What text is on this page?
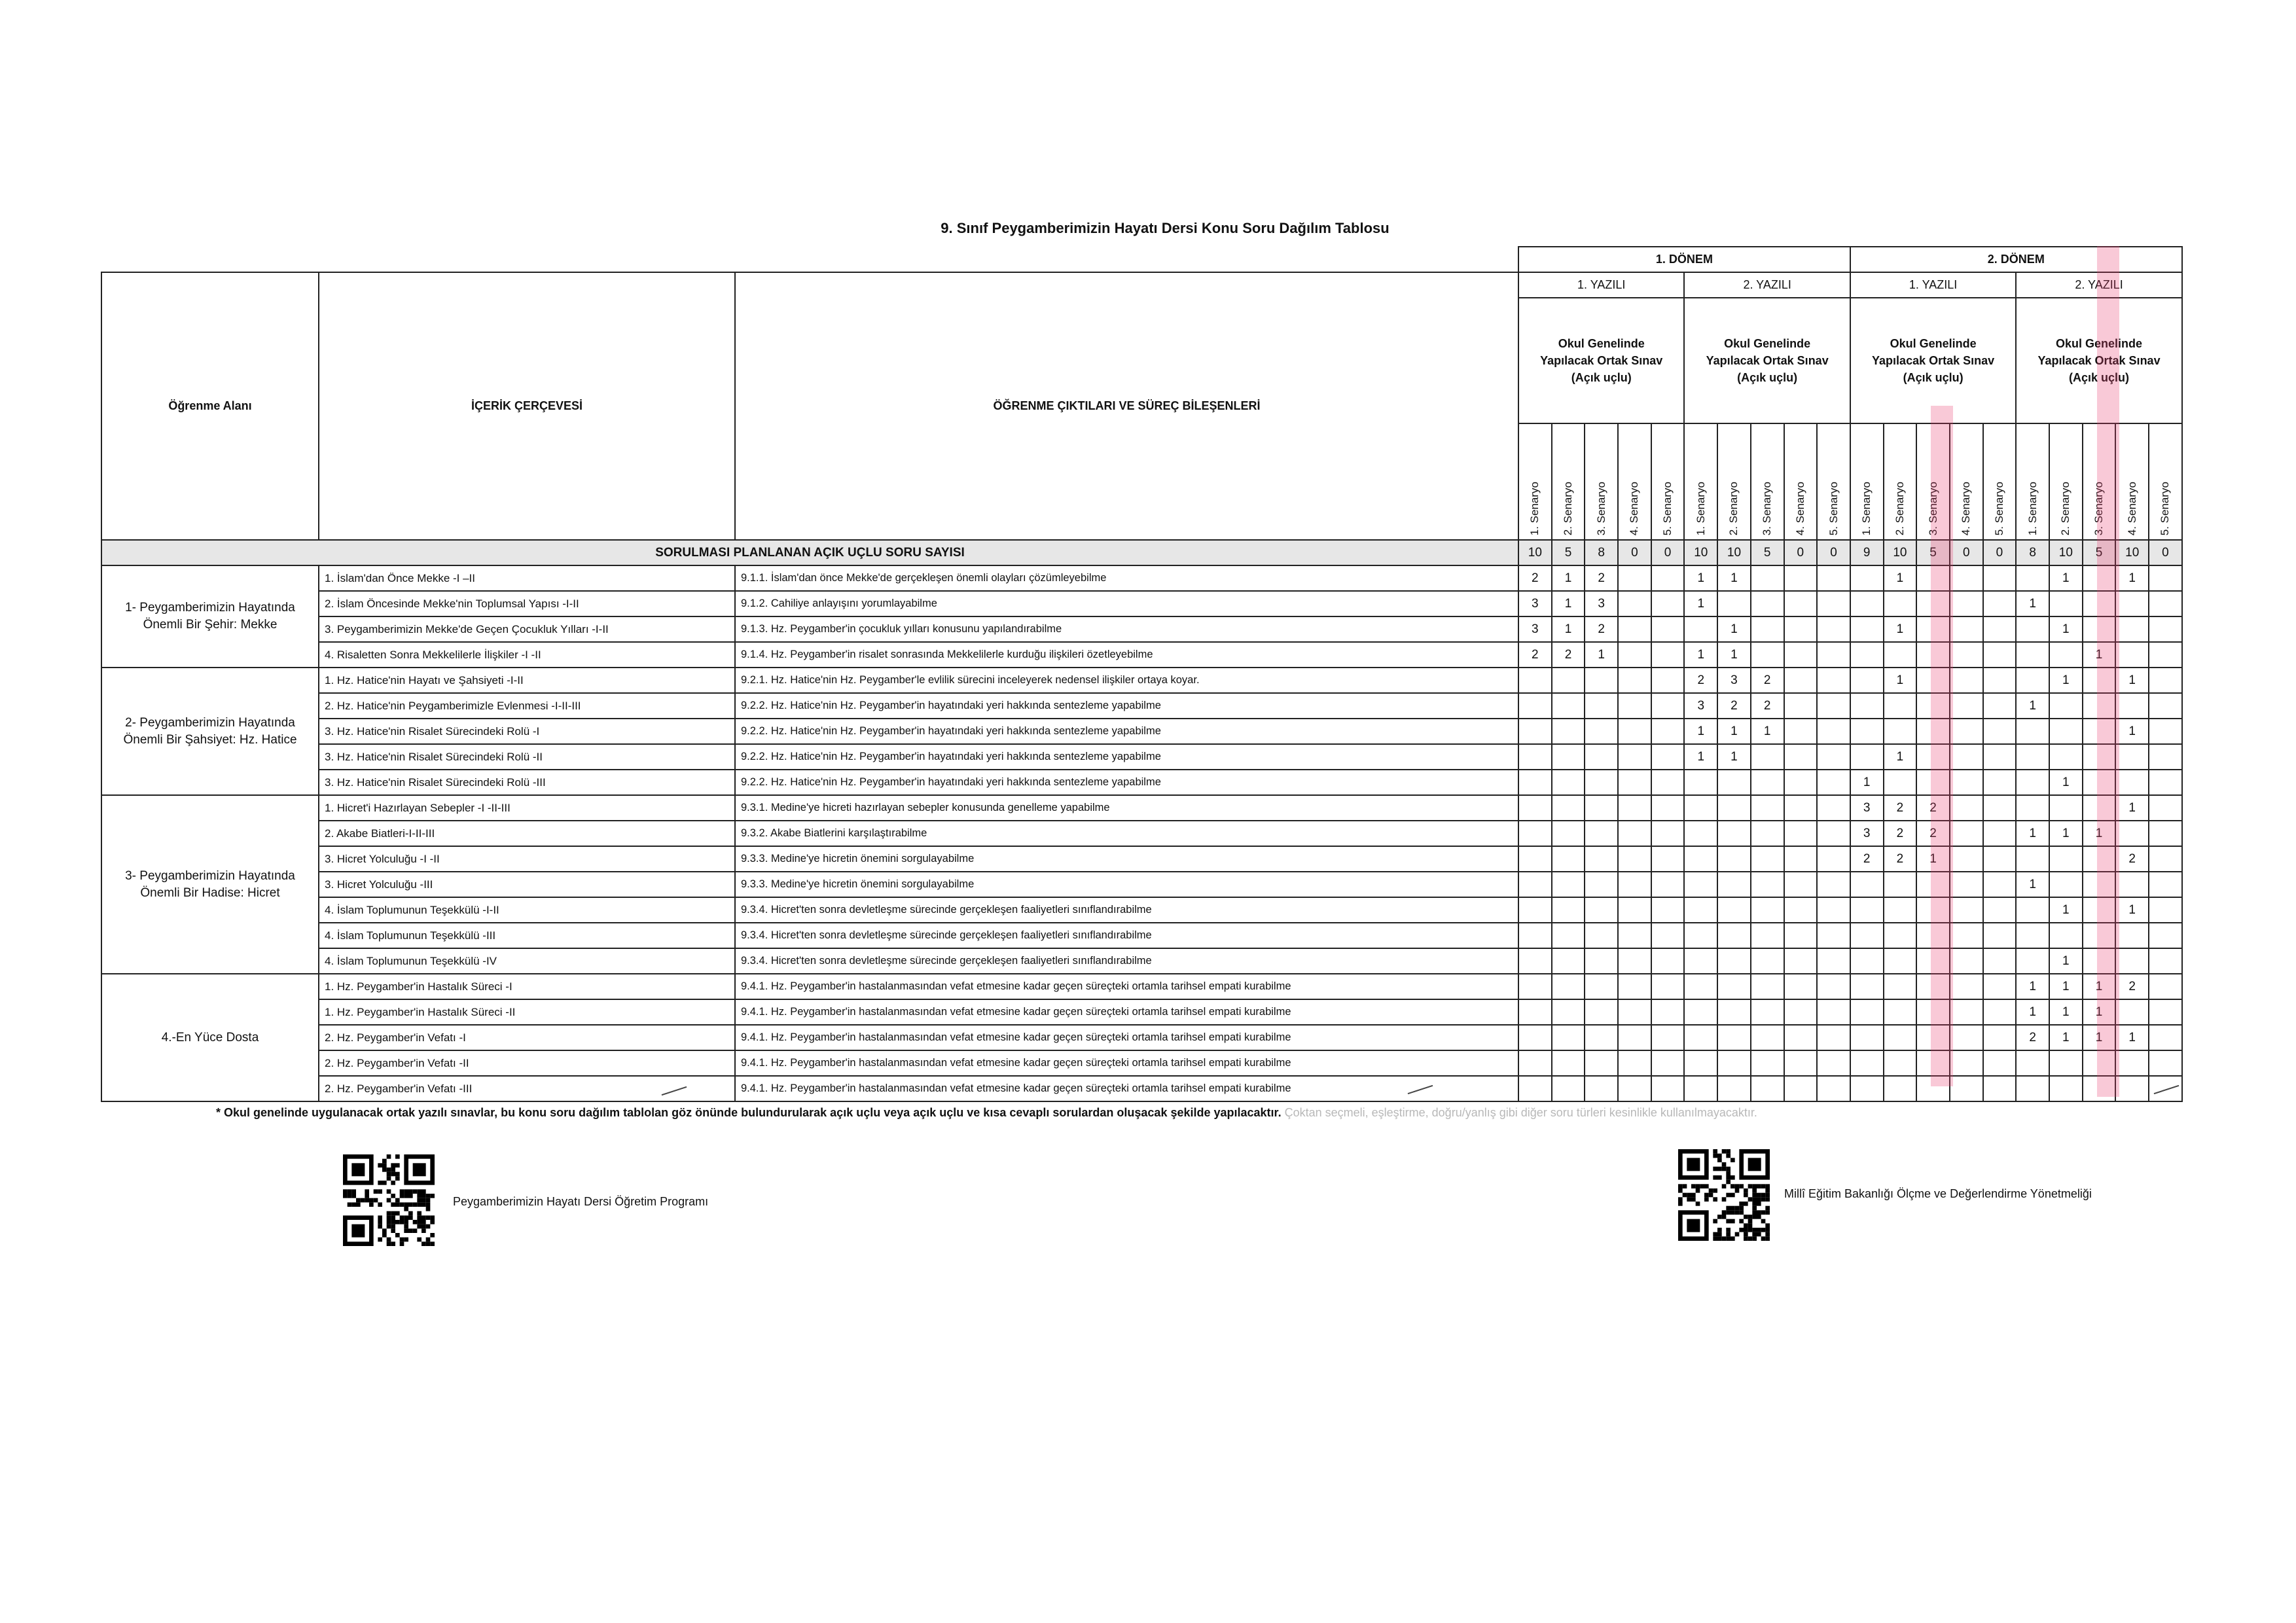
9. Sınıf Peygamberimizin Hayatı Dersi Konu Soru Dağılım Tablosu
			1. DÖNEM										2. DÖNEM									
Öğrenme Alanı	İÇERİK ÇERÇEVESİ	ÖĞRENME ÇIKTILARI VE SÜREÇ BİLEŞENLERİ	1. YAZILI					2. YAZILI					1. YAZILI					2. YAZILI				
			Okul Genelinde
Yapılacak Ortak Sınav
(Açık uçlu)					Okul Genelinde
Yapılacak Ortak Sınav
(Açık uçlu)					Okul Genelinde
Yapılacak Ortak Sınav
(Açık uçlu)					Okul Genelinde
Yapılacak Ortak Sınav
(Açık uçlu)				
			1. Senaryo	2. Senaryo	3. Senaryo	4. Senaryo	5. Senaryo	1. Senaryo	2. Senaryo	3. Senaryo	4. Senaryo	5. Senaryo	1. Senaryo	2. Senaryo	3. Senaryo	4. Senaryo	5. Senaryo	1. Senaryo	2. Senaryo	3. Senaryo	4. Senaryo	5. Senaryo

SORULMASI PLANLANAN AÇIK UÇLU SORU SAYISI			10	5	8	0	0	10	10	5	0	0	9	10	5	0	0	8	10	5	10	0
1- Peygamberimizin Hayatında Önemli Bir Şehir: Mekke	1. İslam'dan Önce Mekke -I –II	9.1.1. İslam'dan önce Mekke'de gerçekleşen önemli olayları çözümleyebilme	2	1	2			1	1					1					1		1	
	2. İslam Öncesinde Mekke'nin Toplumsal Yapısı -I-II	9.1.2. Cahiliye anlayışını yorumlayabilme	3	1	3			1										1				
	3. Peygamberimizin Mekke'de Geçen Çocukluk Yılları -I-II	9.1.3. Hz. Peygamber'in çocukluk yılları konusunu yapılandırabilme	3	1	2				1					1					1			
	4. Risaletten Sonra Mekkelilerle İlişkiler -I -II	9.1.4. Hz. Peygamber'in risalet sonrasında Mekkelilerle kurduğu ilişkileri özetleyebilme	2	2	1			1	1											1		
2- Peygamberimizin Hayatında Önemli Bir Şahsiyet: Hz. Hatice	1. Hz. Hatice'nin Hayatı ve Şahsiyeti -I-II	9.2.1. Hz. Hatice'nin Hz. Peygamber'le evlilik sürecini inceleyerek nedensel ilişkiler ortaya koyar.						2	3	2				1					1		1	
	2. Hz. Hatice'nin Peygamberimizle Evlenmesi -I-II-III	9.2.2. Hz. Hatice'nin Hz. Peygamber'in hayatındaki yeri hakkında sentezleme yapabilme						3	2	2								1				
	3. Hz. Hatice'nin Risalet Sürecindeki Rolü -I	9.2.2. Hz. Hatice'nin Hz. Peygamber'in hayatındaki yeri hakkında sentezleme yapabilme						1	1	1											1	
	3. Hz. Hatice'nin Risalet Sürecindeki Rolü -II	9.2.2. Hz. Hatice'nin Hz. Peygamber'in hayatındaki yeri hakkında sentezleme yapabilme						1	1					1								
	3. Hz. Hatice'nin Risalet Sürecindeki Rolü -III	9.2.2. Hz. Hatice'nin Hz. Peygamber'in hayatındaki yeri hakkında sentezleme yapabilme											1						1			
3- Peygamberimizin Hayatında Önemli Bir Hadise: Hicret	1. Hicret'i Hazırlayan Sebepler -I -II-III	9.3.1. Medine'ye hicreti hazırlayan sebepler konusunda genelleme yapabilme											3	2	2						1	
	2. Akabe Biatleri-I-II-III	9.3.2. Akabe Biatlerini karşılaştırabilme											3	2	2			1	1	1		
	3. Hicret Yolculuğu -I -II	9.3.3. Medine'ye hicretin önemini sorgulayabilme											2	2	1						2	
	3. Hicret Yolculuğu -III	9.3.3. Medine'ye hicretin önemini sorgulayabilme																1				
	4. İslam Toplumunun Teşekkülü -I-II	9.3.4. Hicret'ten sonra devletleşme sürecinde gerçekleşen faaliyetleri sınıflandırabilme																	1		1	
	4. İslam Toplumunun Teşekkülü -III	9.3.4. Hicret'ten sonra devletleşme sürecinde gerçekleşen faaliyetleri sınıflandırabilme																				
	4. İslam Toplumunun Teşekkülü -IV	9.3.4. Hicret'ten sonra devletleşme sürecinde gerçekleşen faaliyetleri sınıflandırabilme																	1			
4.-En Yüce Dosta	1. Hz. Peygamber'in Hastalık Süreci -I	9.4.1. Hz. Peygamber'in hastalanmasından vefat etmesine kadar geçen süreçteki ortamla tarihsel empati kurabilme																1	1	1	2	
	1. Hz. Peygamber'in Hastalık Süreci -II	9.4.1. Hz. Peygamber'in hastalanmasından vefat etmesine kadar geçen süreçteki ortamla tarihsel empati kurabilme																1	1	1		
	2. Hz. Peygamber'in Vefatı -I	9.4.1. Hz. Peygamber'in hastalanmasından vefat etmesine kadar geçen süreçteki ortamla tarihsel empati kurabilme																2	1	1	1	
	2. Hz. Peygamber'in Vefatı -II	9.4.1. Hz. Peygamber'in hastalanmasından vefat etmesine kadar geçen süreçteki ortamla tarihsel empati kurabilme																				
	2. Hz. Peygamber'in Vefatı -III	9.4.1. Hz. Peygamber'in hastalanmasından vefat etmesine kadar geçen süreçteki ortamla tarihsel empati kurabilme																				
* Okul genelinde uygulanacak ortak yazılı sınavlar, bu konu soru dağılım tablolan göz önünde bulundurularak açık uçlu veya açık uçlu ve kısa cevaplı sorulardan oluşacak şekilde yapılacaktır. Çoktan seçmeli, eşleştirme, doğru/yanlış gibi diğer soru türleri kesinlikle kullanılmayacaktır.
Peygamberimizin Hayatı Dersi Öğretim Programı
Millî Eğitim Bakanlığı Ölçme ve Değerlendirme Yönetmeliği
